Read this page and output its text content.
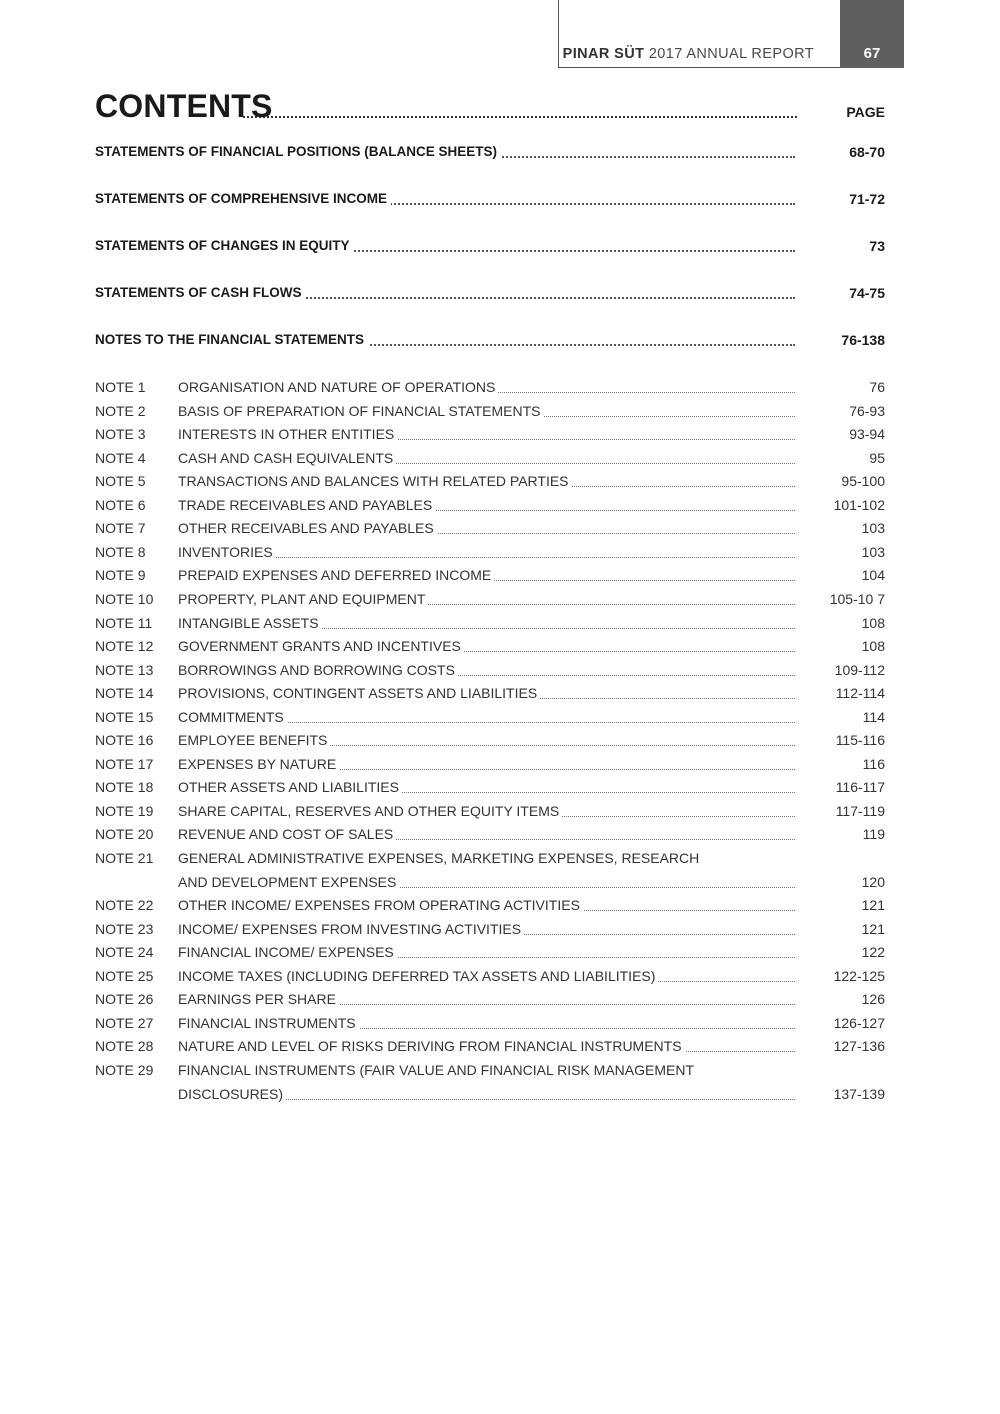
PINAR SÜT 2017 ANNUAL REPORT	67
CONTENTS	PAGE
STATEMENTS OF FINANCIAL POSITIONS (BALANCE SHEETS)	68-70
STATEMENTS OF COMPREHENSIVE INCOME	71-72
STATEMENTS OF CHANGES IN EQUITY	73
STATEMENTS OF CASH FLOWS	74-75
NOTES TO THE FINANCIAL STATEMENTS	76-138
NOTE 1 ORGANISATION AND NATURE OF OPERATIONS	76
NOTE 2 BASIS OF PREPARATION OF FINANCIAL STATEMENTS	76-93
NOTE 3 INTERESTS IN OTHER ENTITIES	93-94
NOTE 4 CASH AND CASH EQUIVALENTS	95
NOTE 5 TRANSACTIONS AND BALANCES WITH RELATED PARTIES	95-100
NOTE 6 TRADE RECEIVABLES AND PAYABLES	101-102
NOTE 7 OTHER RECEIVABLES AND PAYABLES	103
NOTE 8 INVENTORIES	103
NOTE 9 PREPAID EXPENSES AND DEFERRED INCOME	104
NOTE 10 PROPERTY, PLANT AND EQUIPMENT	105-10 7
NOTE 11 INTANGIBLE ASSETS	108
NOTE 12 GOVERNMENT GRANTS AND INCENTIVES	108
NOTE 13 BORROWINGS AND BORROWING COSTS	109-112
NOTE 14 PROVISIONS, CONTINGENT ASSETS AND LIABILITIES	112-114
NOTE 15 COMMITMENTS	114
NOTE 16 EMPLOYEE BENEFITS	115-116
NOTE 17 EXPENSES BY NATURE	116
NOTE 18 OTHER ASSETS AND LIABILITIES	116-117
NOTE 19 SHARE CAPITAL, RESERVES AND OTHER EQUITY ITEMS	117-119
NOTE 20 REVENUE AND COST OF SALES	119
NOTE 21 GENERAL ADMINISTRATIVE EXPENSES, MARKETING EXPENSES, RESEARCH
AND DEVELOPMENT EXPENSES	120
NOTE 22 OTHER INCOME/ EXPENSES FROM OPERATING ACTIVITIES	121
NOTE 23 INCOME/ EXPENSES FROM INVESTING ACTIVITIES	121
NOTE 24 FINANCIAL INCOME/ EXPENSES	122
NOTE 25 INCOME TAXES (INCLUDING DEFERRED TAX ASSETS AND LIABILITIES)	122-125
NOTE 26 EARNINGS PER SHARE	126
NOTE 27 FINANCIAL INSTRUMENTS	126-127
NOTE 28 NATURE AND LEVEL OF RISKS DERIVING FROM FINANCIAL INSTRUMENTS	127-136
NOTE 29 FINANCIAL INSTRUMENTS (FAIR VALUE AND FINANCIAL RISK MANAGEMENT
DISCLOSURES)	137-139
